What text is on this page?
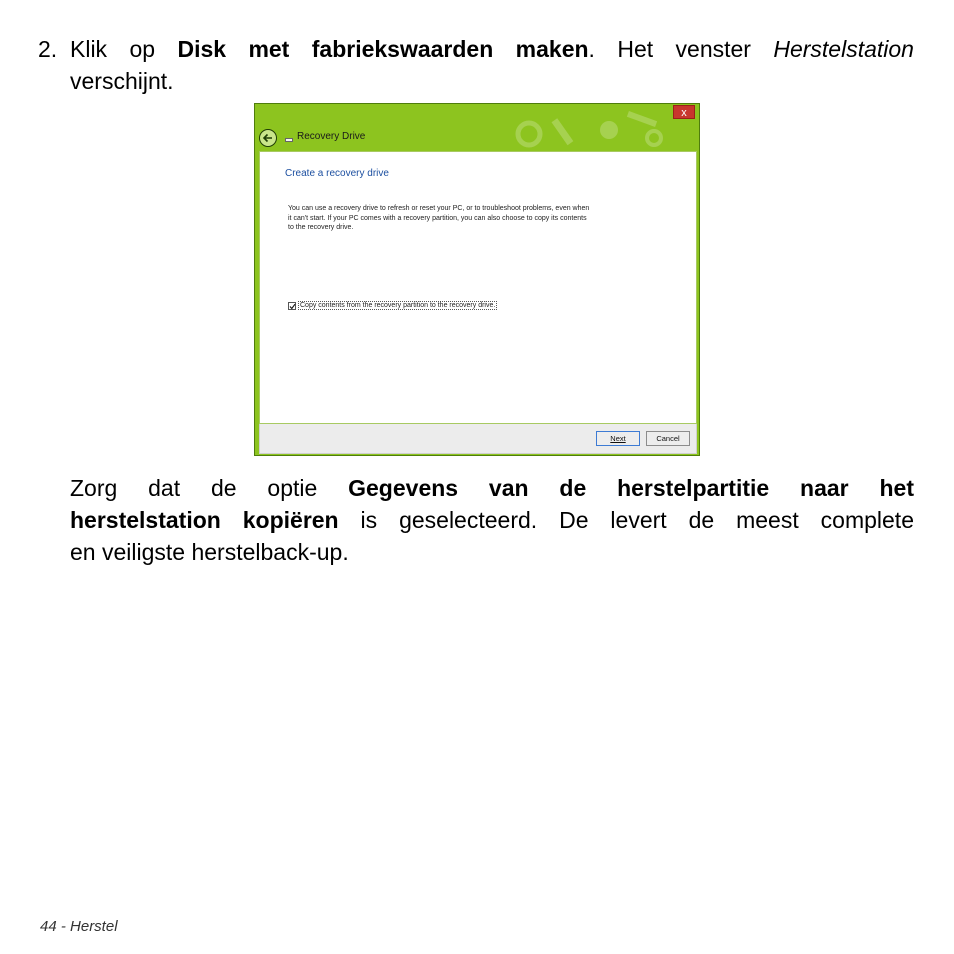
2. Klik op Disk met fabriekswaarden maken. Het venster Herstelstation
verschijnt.
x
Recovery Drive
Create a recovery drive
You can use a recovery drive to refresh or reset your PC, or to troubleshoot problems, even when
it can't start. If your PC comes with a recovery partition, you can also choose to copy its contents
to the recovery drive.
Copy contents from the recovery partition to the recovery drive.
Next	Cancel
Zorg dat de optie Gegevens van de herstelpartitie naar het
herstelstation kopiëren is geselecteerd. De levert de meest complete
en veiligste herstelback-up.
44 - Herstel
